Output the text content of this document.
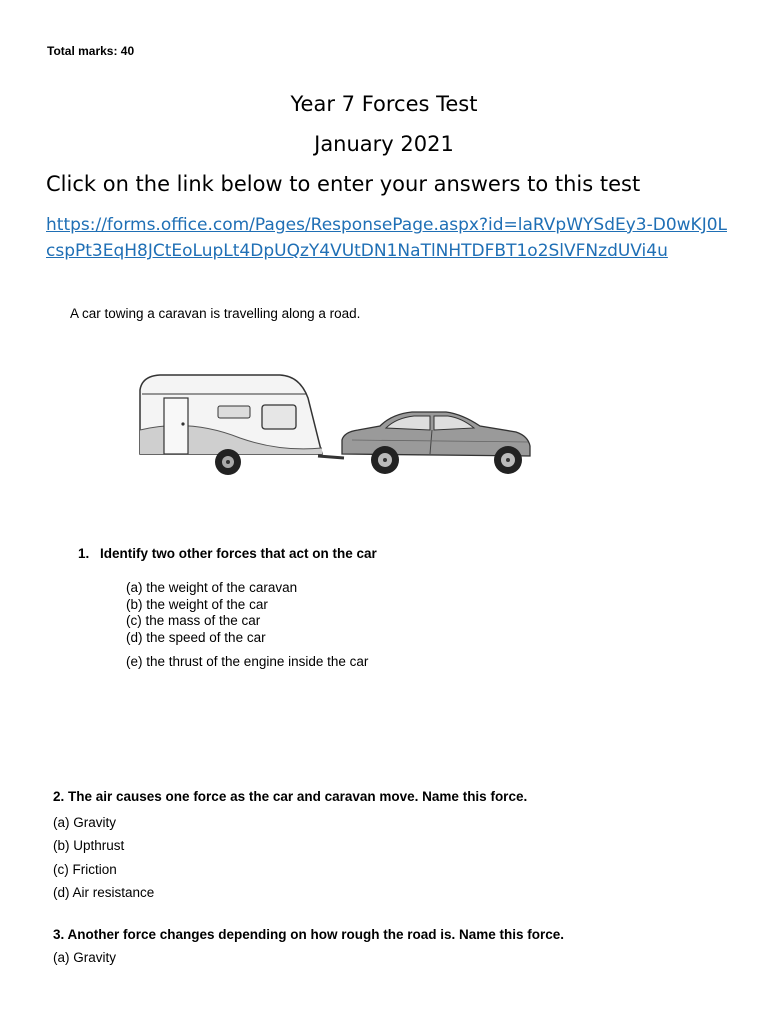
Total marks: 40
Year 7 Forces Test
January 2021
Click on the link below to enter your answers to this test
https://forms.office.com/Pages/ResponsePage.aspx?id=laRVpWYSdEy3-D0wKJ0LcspPt3EqH8JCtEoLupLt4DpUQzY4VUtDN1NaTlNHTDFBT1o2SlVFNzdUVi4u
A car towing a caravan is travelling along a road.
1. Identify two other forces that act on the car
(a) the weight of the caravan
(b) the weight of the car
(c) the mass of the car
(d) the speed of the car
(e) the thrust of the engine inside the car
2. The air causes one force as the car and caravan move. Name this force.
(a) Gravity
(b) Upthrust
(c) Friction
(d) Air resistance
3. Another force changes depending on how rough the road is. Name this force.
(a) Gravity
